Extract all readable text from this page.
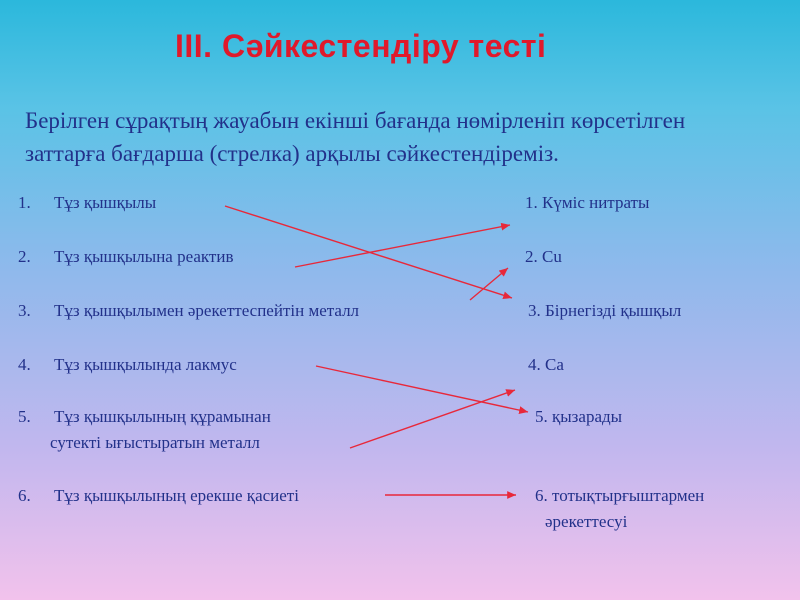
ІІІ. Сәйкестендіру тесті
Берілген сұрақтың жауабын екінші бағанда нөмірленіп көрсетілген
заттарға бағдарша (стрелка) арқылы сәйкестендіреміз.
1.	Тұз қышқылы
2.	Тұз қышқылына реактив
3.	Тұз қышқылымен әрекеттеспейтін металл
4.	Тұз қышқылында лакмус
5.	Тұз қышқылының құрамынан
сутекті ығыстыратын металл
6.	Тұз қышқылының ерекше қасиеті
1. Күміс нитраты
2. Cu
3. Бірнегізді қышқыл
4. Са
5. қызарады
6. тотықтырғыштармен
әрекеттесуі
